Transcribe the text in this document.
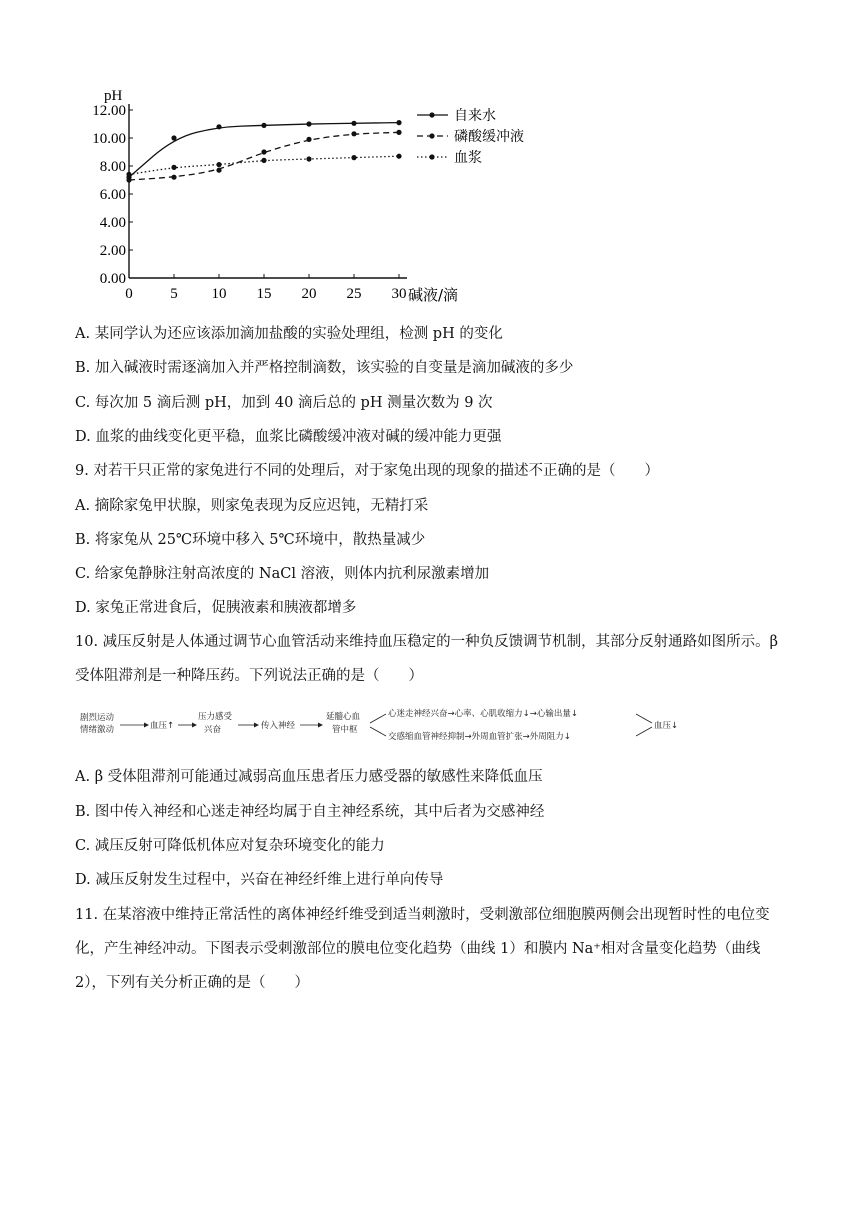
0.00
2.00
4.00
6.00
8.00
10.00
12.00
0	5 10 15 20 25 30
自来水
磷酸缓冲液
血浆
pH
碱液/滴
A. 某同学认为还应该添加滴加盐酸的实验处理组，检测 pH 的变化
B. 加入碱液时需逐滴加入并严格控制滴数，该实验的自变量是滴加碱液的多少
C. 每次加 5 滴后测 pH，加到 40 滴后总的 pH 测量次数为 9 次
D. 血浆的曲线变化更平稳，血浆比磷酸缓冲液对碱的缓冲能力更强
9. 对若干只正常的家兔进行不同的处理后，对于家兔出现的现象的描述不正确的是（　　）
A. 摘除家兔甲状腺，则家兔表现为反应迟钝，无精打采
B. 将家兔从 25℃环境中移入 5℃环境中，散热量减少
C. 给家兔静脉注射高浓度的 NaCl 溶液，则体内抗利尿激素增加
D. 家兔正常进食后，促胰液素和胰液都增多
10. 减压反射是人体通过调节心血管活动来维持血压稳定的一种负反馈调节机制，其部分反射通路如图所示。β 受体阻滞剂是一种降压药。下列说法正确的是（　　）
剧烈运动
情绪激动	血压↑
压力感受
兴奋	传入神经
延髓心血
管中枢
心迷走神经兴奋→心率、心肌收缩力↓→心输出量↓
交感缩血管神经抑制→外周血管扩张→外周阻力↓
血压↓
A. β 受体阻滞剂可能通过减弱高血压患者压力感受器的敏感性来降低血压
B. 图中传入神经和心迷走神经均属于自主神经系统，其中后者为交感神经
C. 减压反射可降低机体应对复杂环境变化的能力
D. 减压反射发生过程中，兴奋在神经纤维上进行单向传导
11. 在某溶液中维持正常活性的离体神经纤维受到适当刺激时，受刺激部位细胞膜两侧会出现暂时性的电位变化，产生神经冲动。下图表示受刺激部位的膜电位变化趋势（曲线 1）和膜内 Na⁺相对含量变化趋势（曲线 2），下列有关分析正确的是（　　）
